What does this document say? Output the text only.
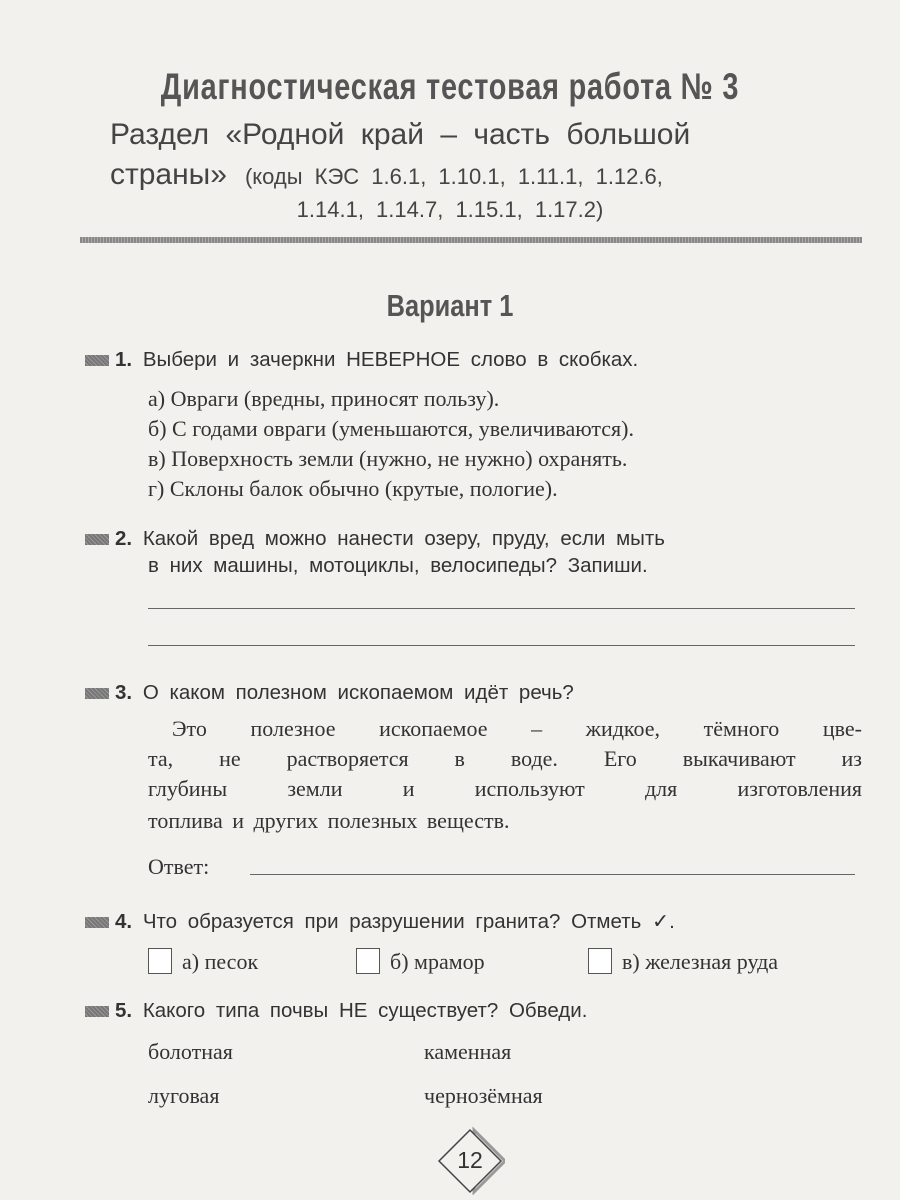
Диагностическая тестовая работа № 3
Раздел «Родной край – часть большой
страны» (коды КЭС 1.6.1, 1.10.1, 1.11.1, 1.12.6,
1.14.1, 1.14.7, 1.15.1, 1.17.2)
Вариант 1
1. Выбери и зачеркни НЕВЕРНОЕ слово в скобках.
а) Овраги (вредны, приносят пользу).
б) С годами овраги (уменьшаются, увеличиваются).
в) Поверхность земли (нужно, не нужно) охранять.
г) Склоны балок обычно (крутые, пологие).
2. Какой вред можно нанести озеру, пруду, если мыть
в них машины, мотоциклы, велосипеды? Запиши.
3. О каком полезном ископаемом идёт речь?
Это полезное ископаемое – жидкое, тёмного цве-
та, не растворяется в воде. Его выкачивают из
глубины земли и используют для изготовления
топлива и других полезных веществ.
Ответ:
4. Что образуется при разрушении гранита? Отметь ✓.
а) песок	б) мрамор	в) железная руда
5. Какого типа почвы НЕ существует? Обведи.
болотная	каменная
луговая	чернозёмная
12
